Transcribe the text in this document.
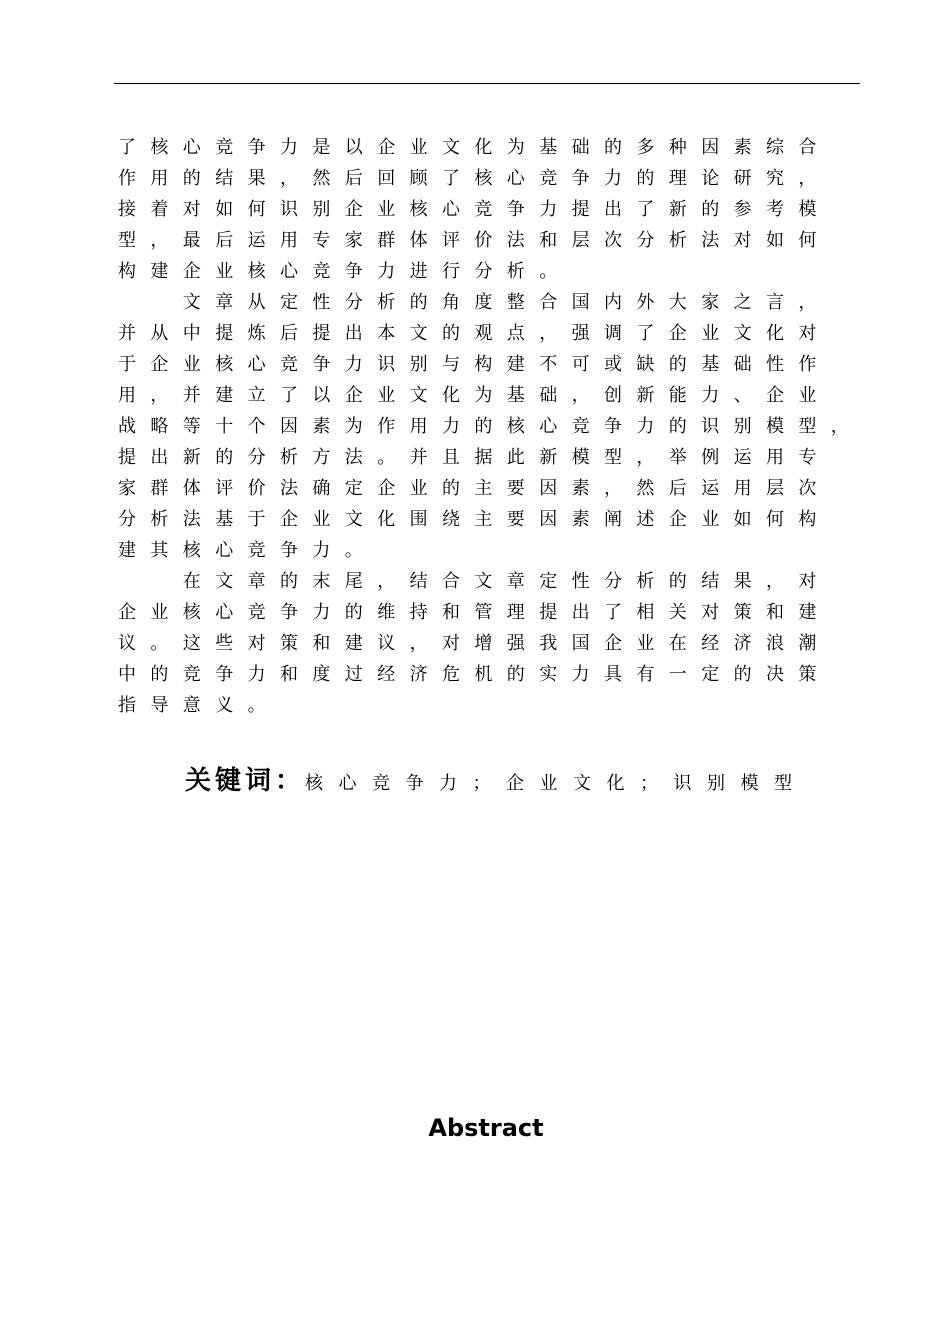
了核心竞争力是以企业文化为基础的多种因素综合
作用的结果，然后回顾了核心竞争力的理论研究，
接着对如何识别企业核心竞争力提出了新的参考模
型，最后运用专家群体评价法和层次分析法对如何
构建企业核心竞争力进行分析。
　　文章从定性分析的角度整合国内外大家之言，
并从中提炼后提出本文的观点，强调了企业文化对
于企业核心竞争力识别与构建不可或缺的基础性作
用，并建立了以企业文化为基础，创新能力、企业
战略等十个因素为作用力的核心竞争力的识别模型，
提出新的分析方法。并且据此新模型，举例运用专
家群体评价法确定企业的主要因素，然后运用层次
分析法基于企业文化围绕主要因素阐述企业如何构
建其核心竞争力。
　　在文章的末尾，结合文章定性分析的结果，对
企业核心竞争力的维持和管理提出了相关对策和建
议。这些对策和建议，对增强我国企业在经济浪潮
中的竞争力和度过经济危机的实力具有一定的决策
指导意义。
关键词：核心竞争力；企业文化；识别模型
Abstract
